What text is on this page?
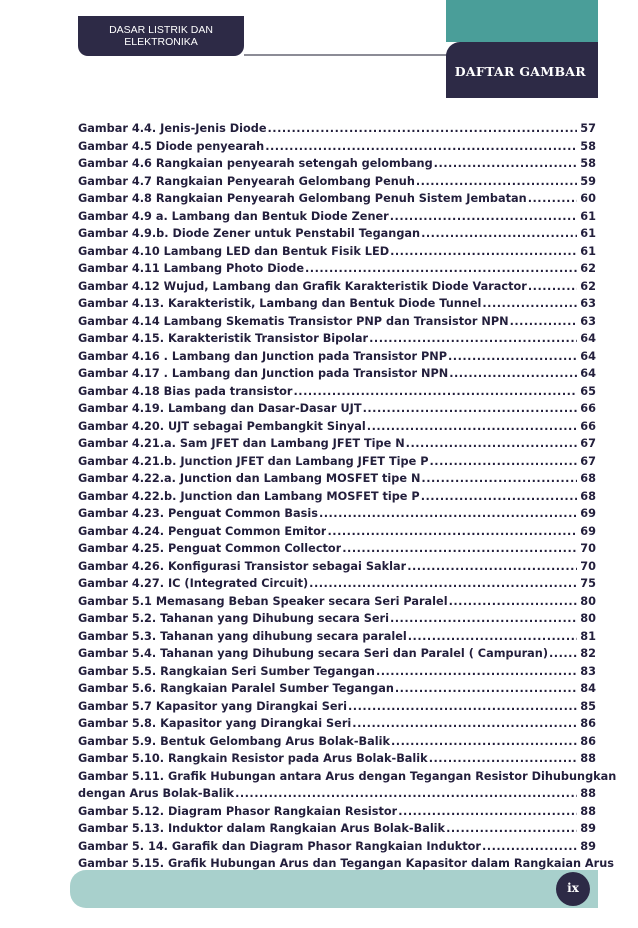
DASAR LISTRIK DAN
ELEKTRONIKA
DAFTAR GAMBAR
Gambar 4.4. Jenis-Jenis Diode .....	57
Gambar 4.5 Diode penyearah .....	58
Gambar 4.6 Rangkaian penyearah setengah gelombang .....	58
Gambar 4.7 Rangkaian Penyearah Gelombang Penuh .....	59
Gambar 4.8 Rangkaian Penyearah Gelombang Penuh Sistem Jembatan .....	60
Gambar 4.9 a. Lambang dan Bentuk Diode Zener .....	61
Gambar 4.9.b. Diode Zener untuk Penstabil Tegangan .....	61
Gambar 4.10 Lambang LED dan Bentuk Fisik LED .....	61
Gambar 4.11 Lambang Photo Diode .....	62
Gambar 4.12 Wujud, Lambang dan Grafik Karakteristik Diode Varactor .....	62
Gambar 4.13. Karakteristik, Lambang dan Bentuk Diode Tunnel .....	63
Gambar 4.14 Lambang Skematis Transistor PNP dan Transistor NPN .....	63
Gambar 4.15. Karakteristik Transistor Bipolar .....	64
Gambar 4.16 . Lambang dan Junction pada Transistor PNP .....	64
Gambar 4.17 . Lambang dan Junction pada Transistor NPN .....	64
Gambar 4.18 Bias pada transistor .....	65
Gambar 4.19. Lambang dan Dasar-Dasar UJT .....	66
Gambar 4.20. UJT sebagai Pembangkit Sinyal .....	66
Gambar 4.21.a. Sam JFET dan Lambang JFET Tipe N .....	67
Gambar 4.21.b. Junction JFET dan Lambang JFET Tipe P .....	67
Gambar 4.22.a. Junction dan Lambang MOSFET tipe N .....	68
Gambar 4.22.b. Junction dan Lambang MOSFET tipe P .....	68
Gambar 4.23. Penguat Common Basis .....	69
Gambar 4.24. Penguat Common Emitor .....	69
Gambar 4.25. Penguat Common Collector .....	70
Gambar 4.26. Konfigurasi Transistor sebagai Saklar .....	70
Gambar 4.27. IC (Integrated Circuit) .....	75
Gambar 5.1 Memasang Beban Speaker secara Seri Paralel .....	80
Gambar 5.2. Tahanan yang Dihubung secara Seri .....	80
Gambar 5.3. Tahanan yang dihubung secara paralel .....	81
Gambar 5.4. Tahanan yang Dihubung secara Seri dan Paralel ( Campuran) .....	82
Gambar 5.5. Rangkaian Seri Sumber Tegangan .....	83
Gambar 5.6. Rangkaian Paralel Sumber Tegangan .....	84
Gambar 5.7 Kapasitor yang Dirangkai Seri .....	85
Gambar 5.8. Kapasitor yang Dirangkai Seri .....	86
Gambar 5.9. Bentuk Gelombang Arus Bolak-Balik .....	86
Gambar 5.10. Rangkain Resistor pada Arus Bolak-Balik .....	88
Gambar 5.11. Grafik Hubungan antara Arus dengan Tegangan Resistor Dihubungkan
dengan Arus Bolak-Balik .....	88
Gambar 5.12. Diagram Phasor Rangkaian Resistor .....	88
Gambar 5.13. Induktor dalam Rangkaian Arus Bolak-Balik .....	89
Gambar 5. 14. Garafik dan Diagram Phasor Rangkaian Induktor .....	89
Gambar 5.15. Grafik Hubungan Arus dan Tegangan Kapasitor dalam Rangkaian Arus
.....
ix
